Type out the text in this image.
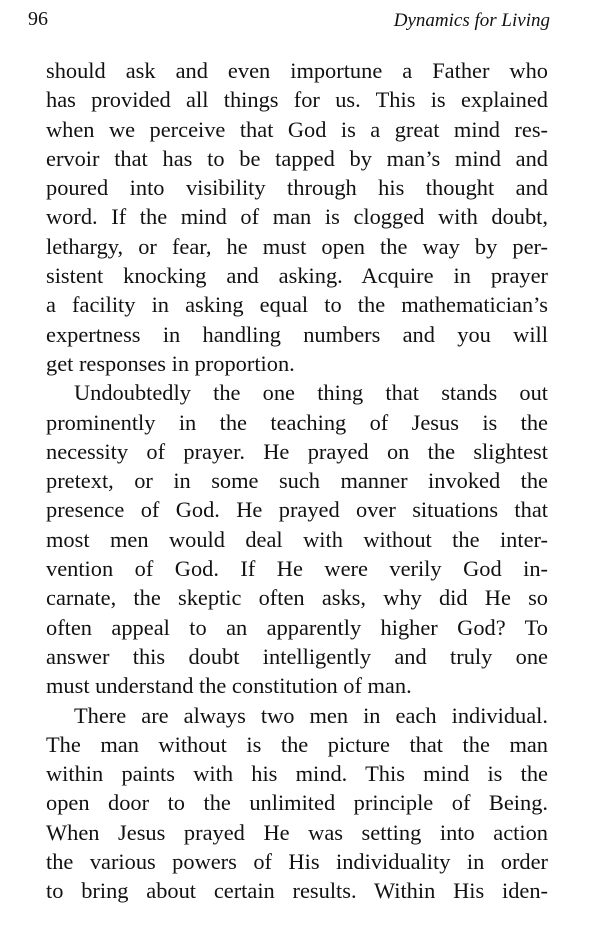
96	Dynamics for Living

should ask and even importune a Father who
has provided all things for us. This is explained
when we perceive that God is a great mind res-
ervoir that has to be tapped by man’s mind and
poured into visibility through his thought and
word. If the mind of man is clogged with doubt,
lethargy, or fear, he must open the way by per-
sistent knocking and asking. Acquire in prayer
a facility in asking equal to the mathematician’s
expertness in handling numbers and you will
get responses in proportion.

Undoubtedly the one thing that stands out
prominently in the teaching of Jesus is the
necessity of prayer. He prayed on the slightest
pretext, or in some such manner invoked the
presence of God. He prayed over situations that
most men would deal with without the inter-
vention of God. If He were verily God in-
carnate, the skeptic often asks, why did He so
often appeal to an apparently higher God? To
answer this doubt intelligently and truly one
must understand the constitution of man.

There are always two men in each individual.
The man without is the picture that the man
within paints with his mind. This mind is the
open door to the unlimited principle of Being.
When Jesus prayed He was setting into action
the various powers of His individuality in order
to bring about certain results. Within His iden-
